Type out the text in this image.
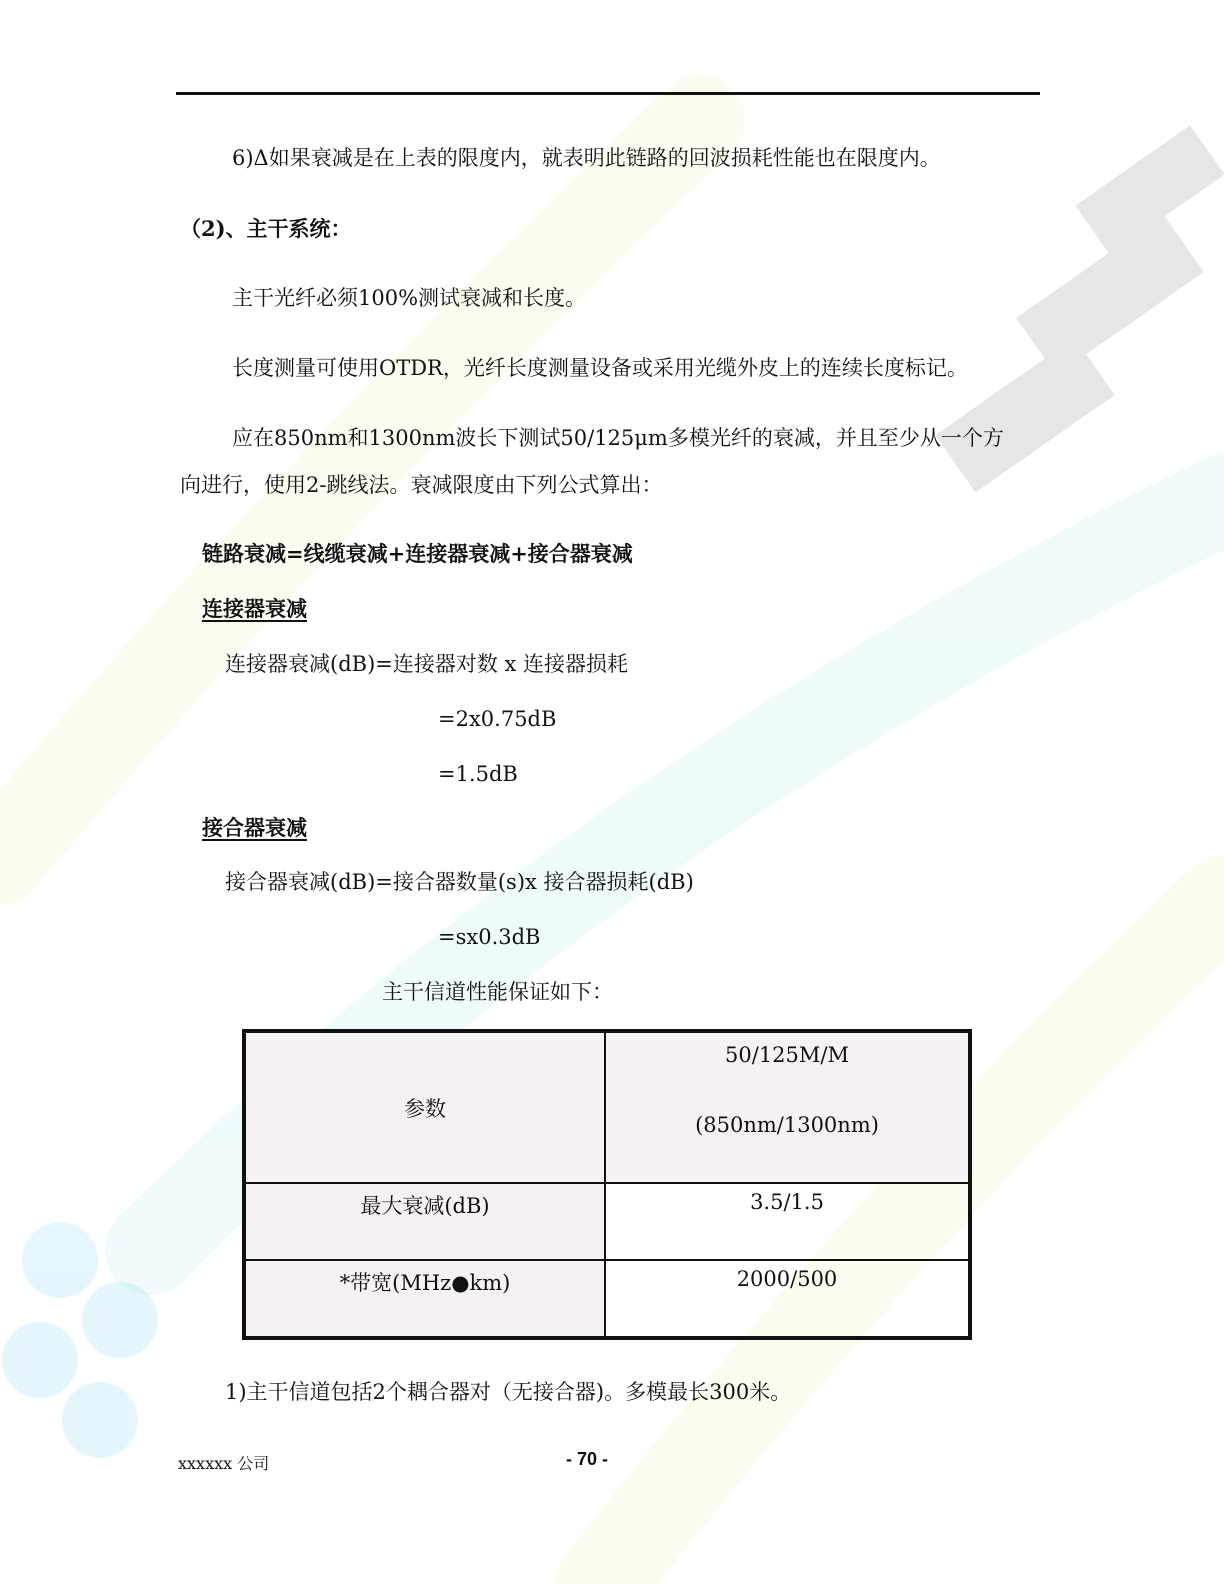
6)Δ如果衰减是在上表的限度内，就表明此链路的回波损耗性能也在限度内。
（2)、主干系统：
主干光纤必须100%测试衰减和长度。
长度测量可使用OTDR，光纤长度测量设备或采用光缆外皮上的连续长度标记。
应在850nm和1300nm波长下测试50/125μm多模光纤的衰减，并且至少从一个方
向进行，使用2-跳线法。衰减限度由下列公式算出：
链路衰减=线缆衰减+连接器衰减+接合器衰减
连接器衰减
连接器衰减(dB)=连接器对数 x 连接器损耗
=2x0.75dB
=1.5dB
接合器衰减
接合器衰减(dB)=接合器数量(s)x 接合器损耗(dB)
=sx0.3dB
主干信道性能保证如下：
参数	50/125M/M
(850nm/1300nm)

最大衰减(dB)	3.5/1.5
*带宽(MHz●km)	2000/500
1)主干信道包括2个耦合器对（无接合器)。多模最长300米。
xxxxxx 公司	- 70 -
